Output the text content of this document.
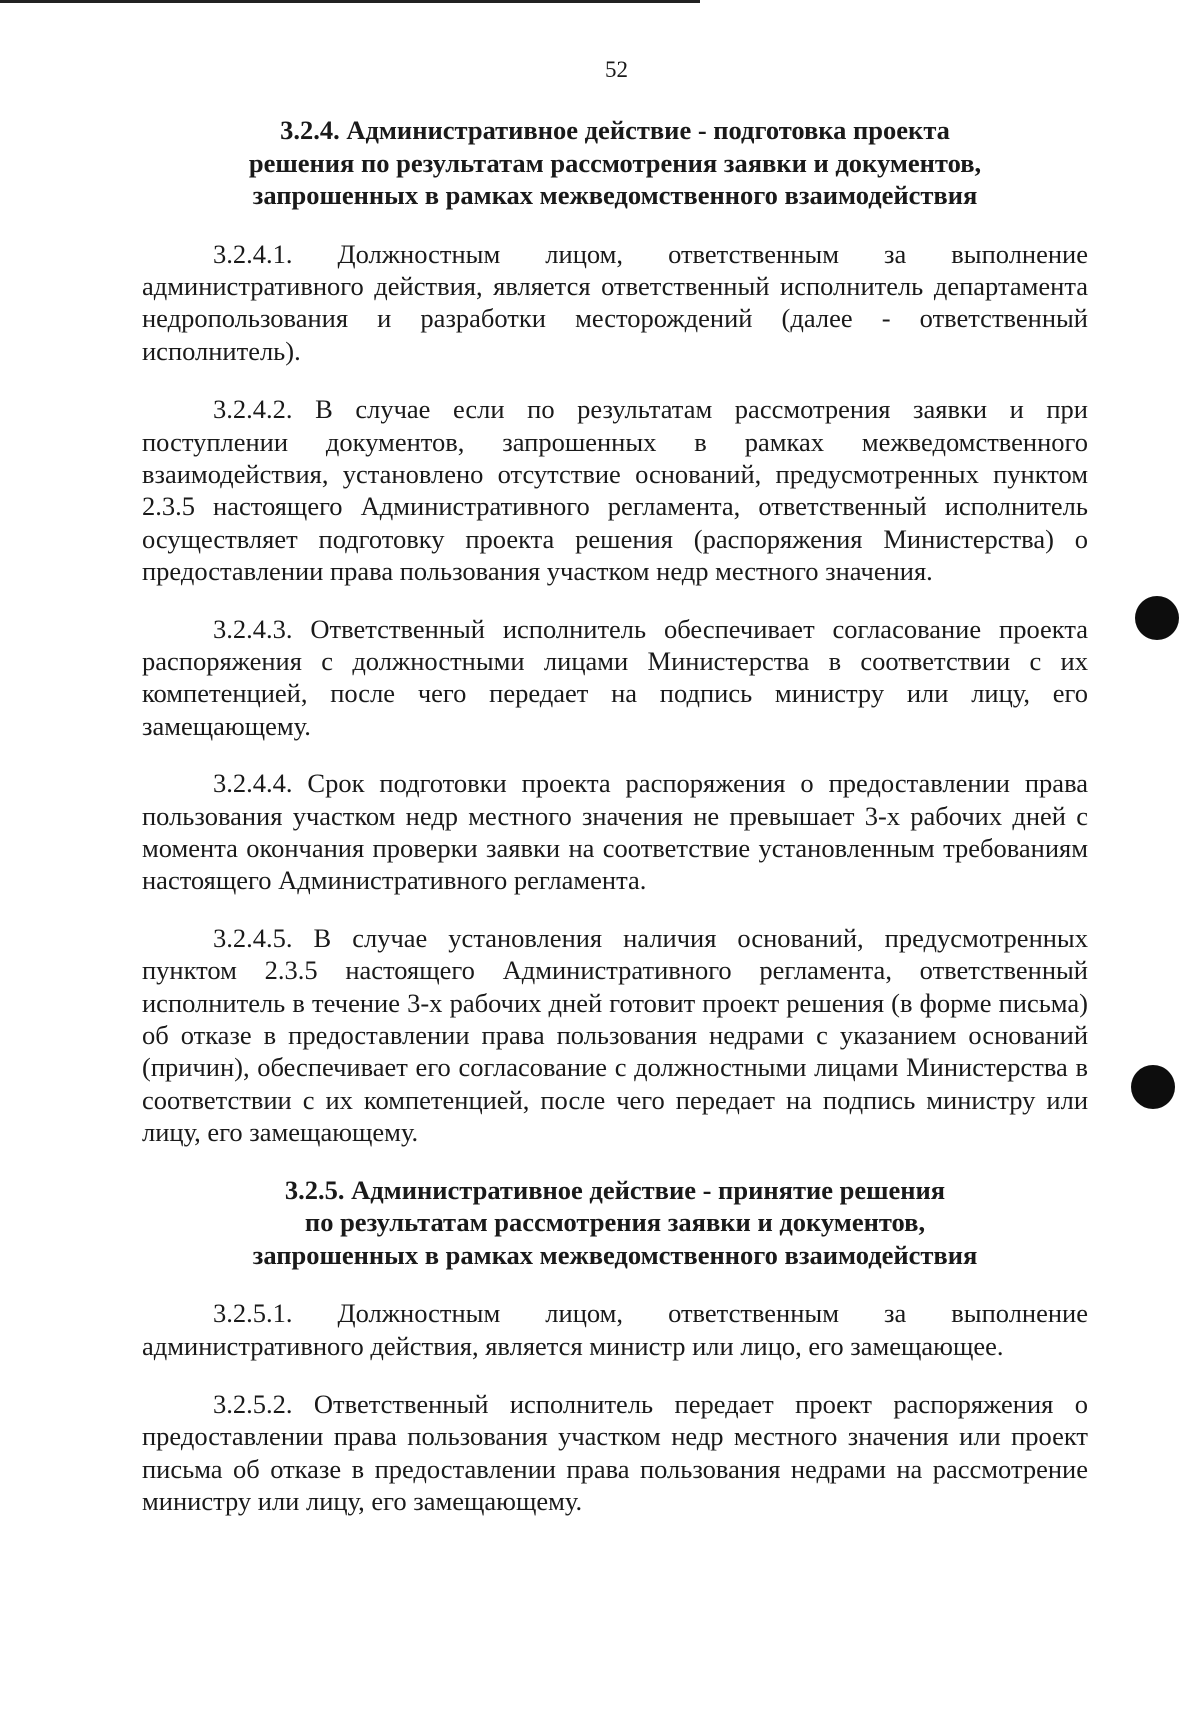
52
3.2.4. Административное действие - подготовка проекта
решения по результатам рассмотрения заявки и документов,
запрошенных в рамках межведомственного взаимодействия

3.2.4.1. Должностным лицом, ответственным за выполнение административного действия, является ответственный исполнитель департамента недропользования и разработки месторождений (далее - ответственный исполнитель).

3.2.4.2. В случае если по результатам рассмотрения заявки и при поступлении документов, запрошенных в рамках межведомственного взаимодействия, установлено отсутствие оснований, предусмотренных пунктом 2.3.5 настоящего Административного регламента, ответственный исполнитель осуществляет подготовку проекта решения (распоряжения Министерства) о предоставлении права пользования участком недр местного значения.

3.2.4.3. Ответственный исполнитель обеспечивает согласование проекта распоряжения с должностными лицами Министерства в соответствии с их компетенцией, после чего передает на подпись министру или лицу, его замещающему.

3.2.4.4. Срок подготовки проекта распоряжения о предоставлении права пользования участком недр местного значения не превышает 3-х рабочих дней с момента окончания проверки заявки на соответствие установленным требованиям настоящего Административного регламента.

3.2.4.5. В случае установления наличия оснований, предусмотренных пунктом 2.3.5 настоящего Административного регламента, ответственный исполнитель в течение 3-х рабочих дней готовит проект решения (в форме письма) об отказе в предоставлении права пользования недрами с указанием оснований (причин), обеспечивает его согласование с должностными лицами Министерства в соответствии с их компетенцией, после чего передает на подпись министру или лицу, его замещающему.

3.2.5. Административное действие - принятие решения
по результатам рассмотрения заявки и документов,
запрошенных в рамках межведомственного взаимодействия

3.2.5.1. Должностным лицом, ответственным за выполнение административного действия, является министр или лицо, его замещающее.

3.2.5.2. Ответственный исполнитель передает проект распоряжения о предоставлении права пользования участком недр местного значения или проект письма об отказе в предоставлении права пользования недрами на рассмотрение министру или лицу, его замещающему.
